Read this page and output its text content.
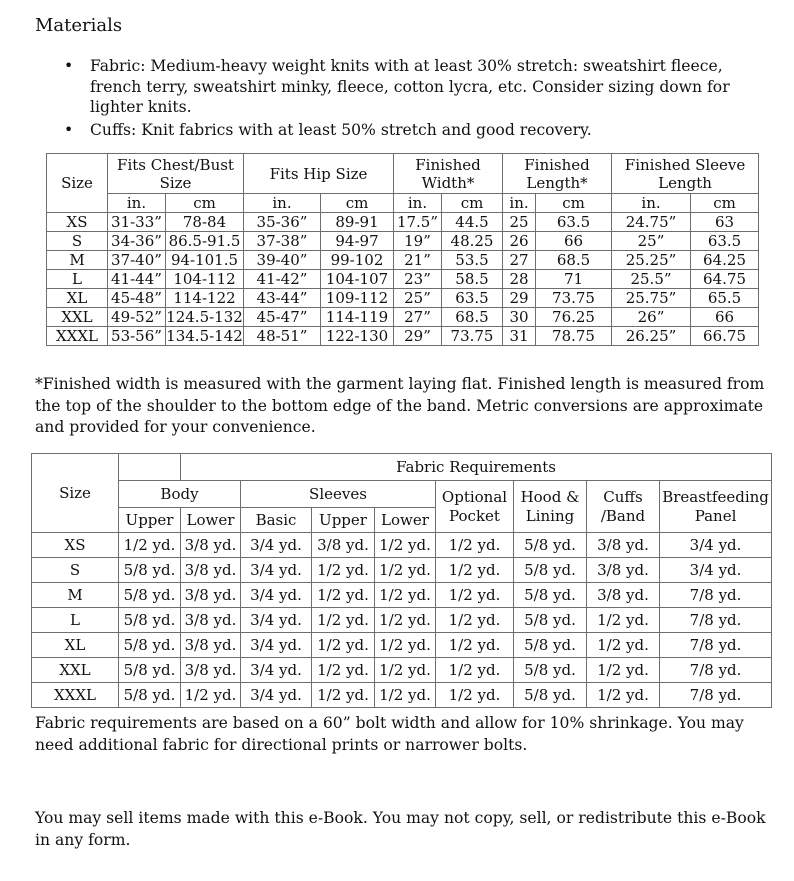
Materials
• Fabric: Medium-heavy weight knits with at least 30% stretch: sweatshirt fleece, french terry, sweatshirt minky, fleece, cotton lycra, etc. Consider sizing down for lighter knits.
• Cuffs: Knit fabrics with at least 50% stretch and good recovery.
Size	Fits Chest/Bust Size		Fits Hip Size		Finished Width*		Finished Length*		Finished Sleeve Length	
	in.	cm	in.	cm	in.	cm	in.	cm	in.	cm
XS	31-33”	78-84	35-36”	89-91	17.5”	44.5	25	63.5	24.75”	63
S	34-36”	86.5-91.5	37-38”	94-97	19”	48.25	26	66	25”	63.5
M	37-40”	94-101.5	39-40”	99-102	21”	53.5	27	68.5	25.25”	64.25
L	41-44”	104-112	41-42”	104-107	23”	58.5	28	71	25.5”	64.75
XL	45-48”	114-122	43-44”	109-112	25”	63.5	29	73.75	25.75”	65.5
XXL	49-52”	124.5-132	45-47”	114-119	27”	68.5	30	76.25	26”	66
XXXL	53-56”	134.5-142	48-51”	122-130	29”	73.75	31	78.75	26.25”	66.75
*Finished width is measured with the garment laying flat. Finished length is measured from the top of the shoulder to the bottom edge of the band. Metric conversions are approximate and provided for your convenience.
Size		Fabric Requirements							
	Body		Sleeves			Optional Pocket	Hood & Lining	Cuffs /Band	Breastfeeding Panel
	Upper	Lower	Basic	Upper	Lower				
XS	1/2 yd.	3/8 yd.	3/4 yd.	3/8 yd.	1/2 yd.	1/2 yd.	5/8 yd.	3/8 yd.	3/4 yd.
S	5/8 yd.	3/8 yd.	3/4 yd.	1/2 yd.	1/2 yd.	1/2 yd.	5/8 yd.	3/8 yd.	3/4 yd.
M	5/8 yd.	3/8 yd.	3/4 yd.	1/2 yd.	1/2 yd.	1/2 yd.	5/8 yd.	3/8 yd.	7/8 yd.
L	5/8 yd.	3/8 yd.	3/4 yd.	1/2 yd.	1/2 yd.	1/2 yd.	5/8 yd.	1/2 yd.	7/8 yd.
XL	5/8 yd.	3/8 yd.	3/4 yd.	1/2 yd.	1/2 yd.	1/2 yd.	5/8 yd.	1/2 yd.	7/8 yd.
XXL	5/8 yd.	3/8 yd.	3/4 yd.	1/2 yd.	1/2 yd.	1/2 yd.	5/8 yd.	1/2 yd.	7/8 yd.
XXXL	5/8 yd.	1/2 yd.	3/4 yd.	1/2 yd.	1/2 yd.	1/2 yd.	5/8 yd.	1/2 yd.	7/8 yd.
Fabric requirements are based on a 60” bolt width and allow for 10% shrinkage. You may need additional fabric for directional prints or narrower bolts.
You may sell items made with this e-Book. You may not copy, sell, or redistribute this e-Book in any form.
